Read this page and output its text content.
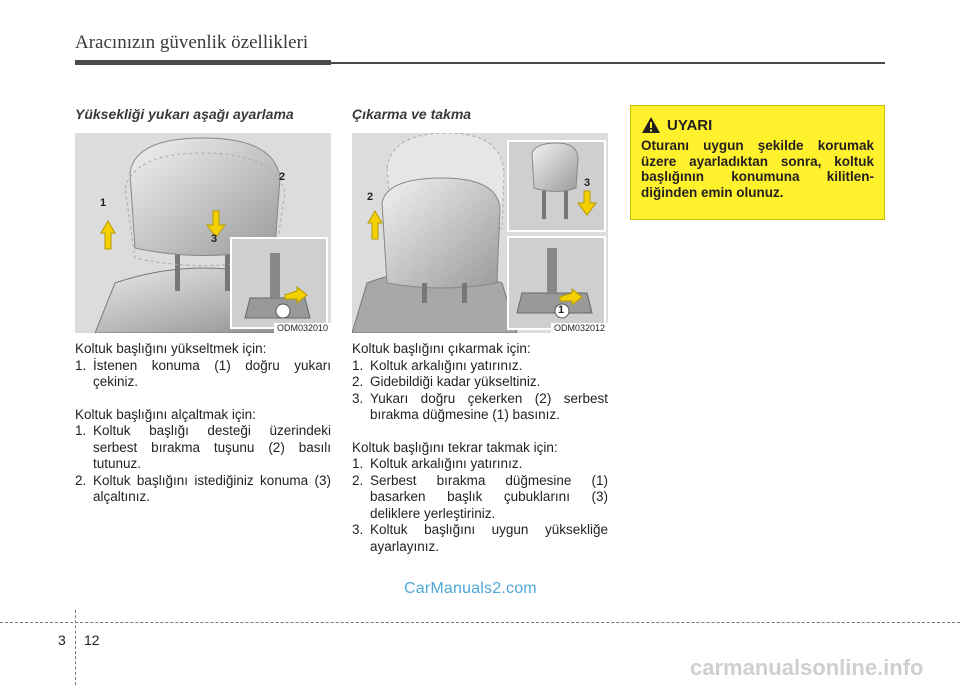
Aracınızın güvenlik özellikleri
Yüksekliği yukarı aşağı ayarlama
1
2
3
ODM032010
Koltuk başlığını yükseltmek için:
1. İstenen konuma (1) doğru yukarı çekiniz.
Koltuk başlığını alçaltmak için:
1. Koltuk başlığı desteği üzerindeki serbest bırakma tuşunu (2) basılı tutunuz.
2. Koltuk başlığını istediğiniz konuma (3) alçaltınız.
Çıkarma ve takma
2
3
1
ODM032012
Koltuk başlığını çıkarmak için:
1. Koltuk arkalığını yatırınız.
2. Gidebildiği kadar yükseltiniz.
3. Yukarı doğru çekerken (2) serbest bırakma düğmesine (1) basınız.
Koltuk başlığını tekrar takmak için:
1. Koltuk arkalığını yatırınız.
2. Serbest bırakma düğmesine (1) basarken başlık çubuklarını (3) deliklere yerleştiriniz.
3. Koltuk başlığını uygun yüksekliğe ayarlayınız.
UYARI
Oturanı uygun şekilde korumak üzere ayarladıktan sonra, koltuk başlığının konumuna kilitlendiğinden emin olunuz.
CarManuals2.com
carmanualsonline.info
3 12
